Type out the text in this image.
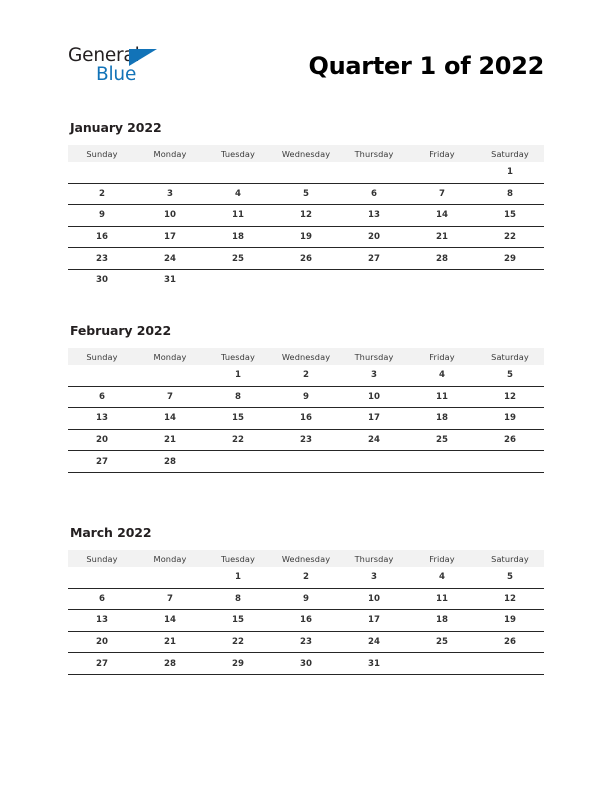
General
Blue	Quarter 1 of 2022
January 2022
Sunday	Monday	Tuesday	Wednesday	Thursday	Friday	Saturday
						1
2	3	4	5	6	7	8
9	10	11	12	13	14	15
16	17	18	19	20	21	22
23	24	25	26	27	28	29
30	31					
February 2022
Sunday	Monday	Tuesday	Wednesday	Thursday	Friday	Saturday
		1	2	3	4	5
6	7	8	9	10	11	12
13	14	15	16	17	18	19
20	21	22	23	24	25	26
27	28					
March 2022
Sunday	Monday	Tuesday	Wednesday	Thursday	Friday	Saturday
		1	2	3	4	5
6	7	8	9	10	11	12
13	14	15	16	17	18	19
20	21	22	23	24	25	26
27	28	29	30	31		
